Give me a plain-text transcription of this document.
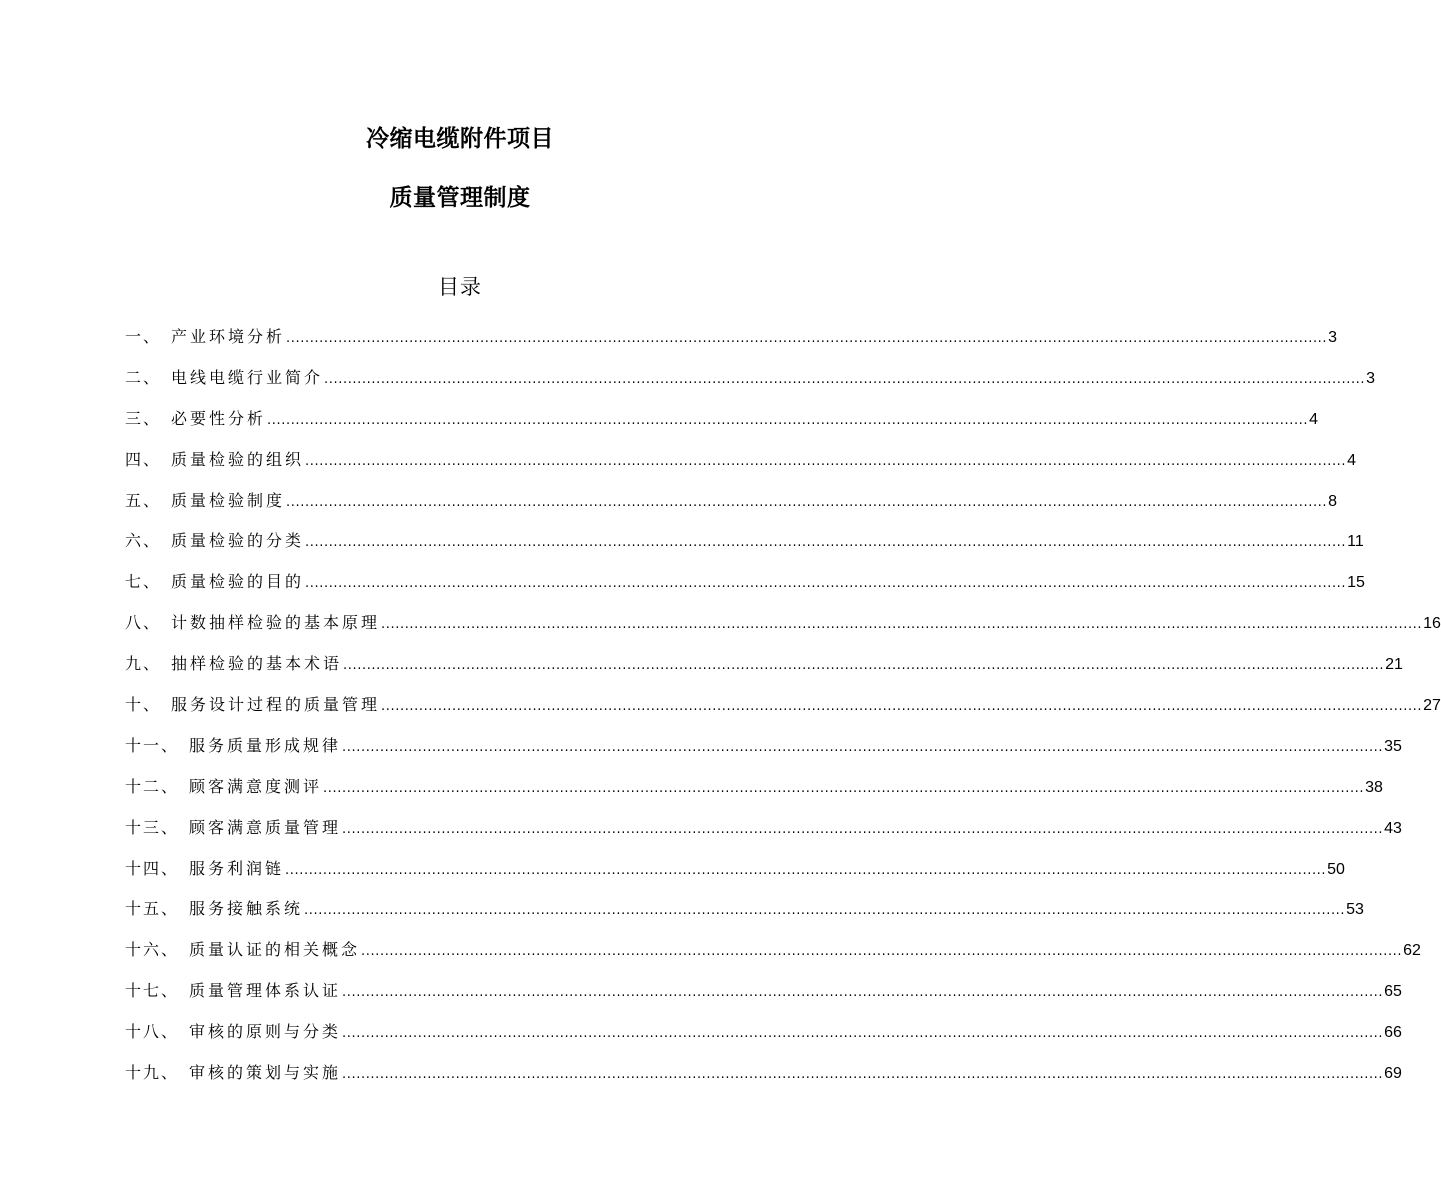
冷缩电缆附件项目
质量管理制度
目录
一、 产业环境分析 ............................................................................................................................................................................................................................ 3
二、 电线电缆行业简介 ............................................................................................................................................................................................................................ 3
三、 必要性分析 ............................................................................................................................................................................................................................ 4
四、 质量检验的组织 ............................................................................................................................................................................................................................ 4
五、 质量检验制度 ............................................................................................................................................................................................................................ 8
六、 质量检验的分类 ............................................................................................................................................................................................................................ 11
七、 质量检验的目的 ............................................................................................................................................................................................................................ 15
八、 计数抽样检验的基本原理 ............................................................................................................................................................................................................................ 16
九、 抽样检验的基本术语 ............................................................................................................................................................................................................................ 21
十、 服务设计过程的质量管理 ............................................................................................................................................................................................................................ 27
十一、 服务质量形成规律 ............................................................................................................................................................................................................................ 35
十二、 顾客满意度测评 ............................................................................................................................................................................................................................ 38
十三、 顾客满意质量管理 ............................................................................................................................................................................................................................ 43
十四、 服务利润链 ............................................................................................................................................................................................................................ 50
十五、 服务接触系统 ............................................................................................................................................................................................................................ 53
十六、 质量认证的相关概念 ............................................................................................................................................................................................................................ 62
十七、 质量管理体系认证 ............................................................................................................................................................................................................................ 65
十八、 审核的原则与分类 ............................................................................................................................................................................................................................ 66
十九、 审核的策划与实施 ............................................................................................................................................................................................................................ 69
